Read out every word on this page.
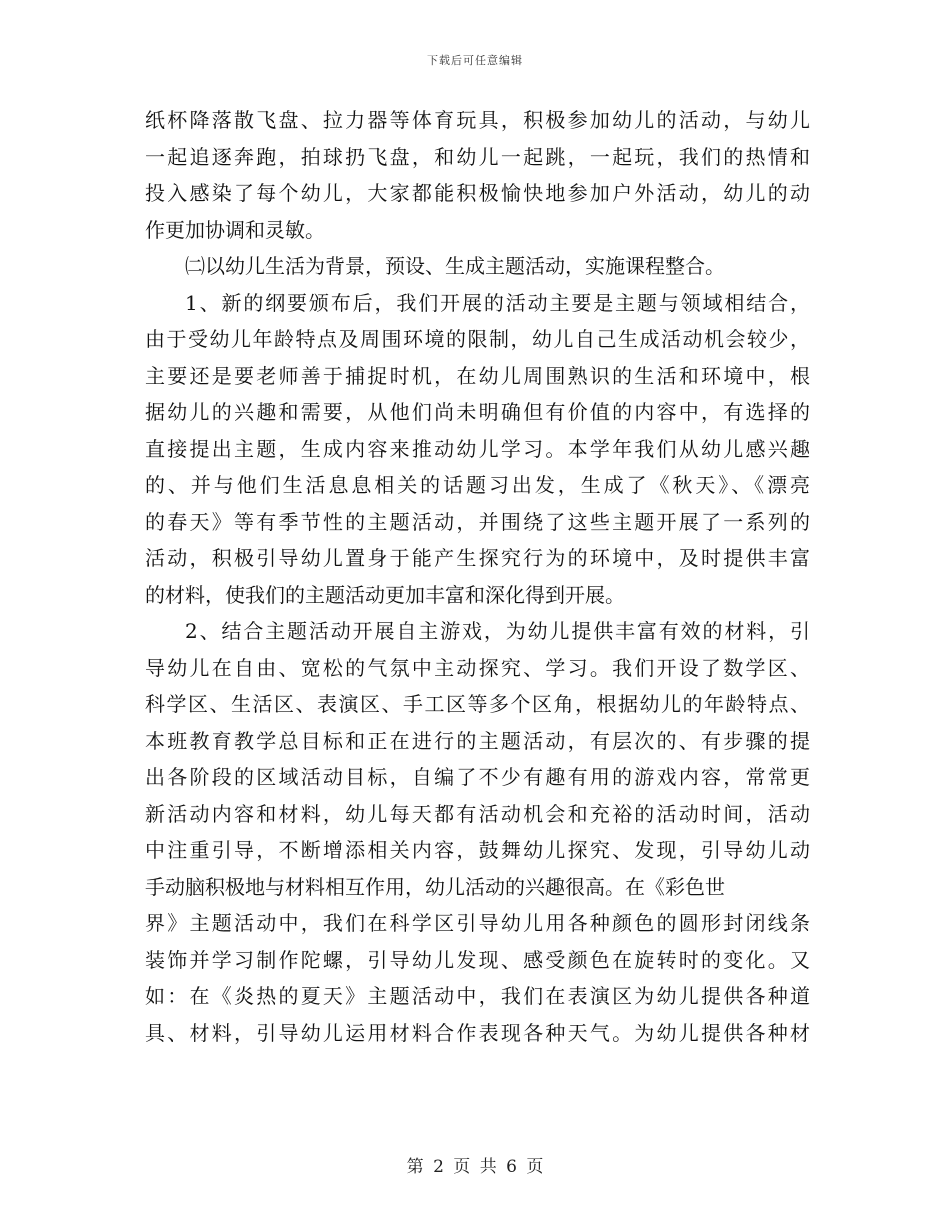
下载后可任意编辑
纸杯降落散飞盘、拉力器等体育玩具，积极参加幼儿的活动，与幼儿
一起追逐奔跑，拍球扔飞盘，和幼儿一起跳，一起玩，我们的热情和
投入感染了每个幼儿，大家都能积极愉快地参加户外活动，幼儿的动
作更加协调和灵敏。
㈡以幼儿生活为背景，预设、生成主题活动，实施课程整合。
1、新的纲要颁布后，我们开展的活动主要是主题与领域相结合，
由于受幼儿年龄特点及周围环境的限制，幼儿自己生成活动机会较少，
主要还是要老师善于捕捉时机，在幼儿周围熟识的生活和环境中，根
据幼儿的兴趣和需要，从他们尚未明确但有价值的内容中，有选择的
直接提出主题，生成内容来推动幼儿学习。本学年我们从幼儿感兴趣
的、并与他们生活息息相关的话题习出发，生成了《秋天》、《漂亮
的春天》等有季节性的主题活动，并围绕了这些主题开展了一系列的
活动，积极引导幼儿置身于能产生探究行为的环境中，及时提供丰富
的材料，使我们的主题活动更加丰富和深化得到开展。
2、结合主题活动开展自主游戏，为幼儿提供丰富有效的材料，引
导幼儿在自由、宽松的气氛中主动探究、学习。我们开设了数学区、
科学区、生活区、表演区、手工区等多个区角，根据幼儿的年龄特点、
本班教育教学总目标和正在进行的主题活动，有层次的、有步骤的提
出各阶段的区域活动目标，自编了不少有趣有用的游戏内容，常常更
新活动内容和材料，幼儿每天都有活动机会和充裕的活动时间，活动
中注重引导，不断增添相关内容，鼓舞幼儿探究、发现，引导幼儿动
手动脑积极地与材料相互作用，幼儿活动的兴趣很高。在《彩色世
界》主题活动中，我们在科学区引导幼儿用各种颜色的圆形封闭线条
装饰并学习制作陀螺，引导幼儿发现、感受颜色在旋转时的变化。又
如：在《炎热的夏天》主题活动中，我们在表演区为幼儿提供各种道
具、材料，引导幼儿运用材料合作表现各种天气。为幼儿提供各种材
第 2 页 共 6 页
